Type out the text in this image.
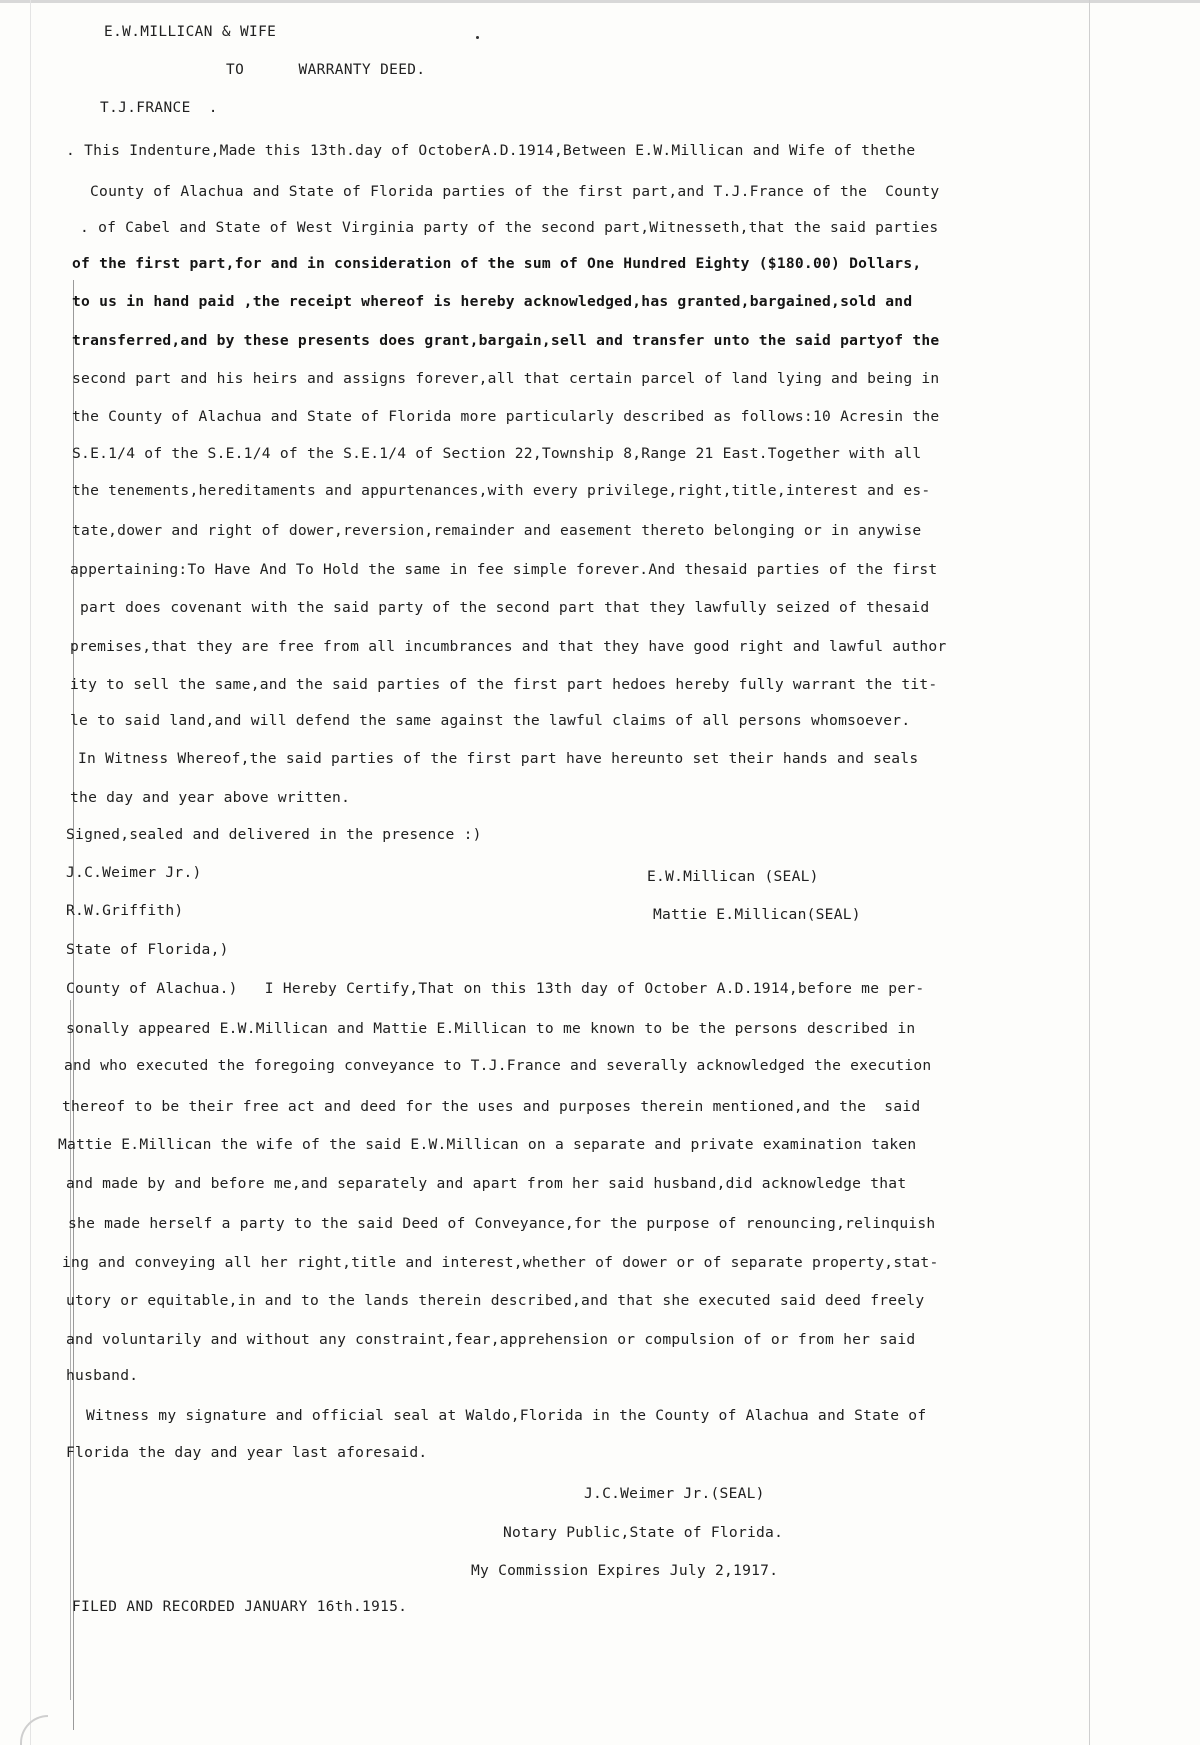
E.W.MILLICAN & WIFE
TO      WARRANTY DEED.
T.J.FRANCE  .
. This Indenture,Made this 13th.day of OctoberA.D.1914,Between E.W.Millican and Wife of thethe
County of Alachua and State of Florida parties of the first part,and T.J.France of the  County
. of Cabel and State of West Virginia party of the second part,Witnesseth,that the said parties
of the first part,for and in consideration of the sum of One Hundred Eighty ($180.00) Dollars,
to us in hand paid ,the receipt whereof is hereby acknowledged,has granted,bargained,sold and
transferred,and by these presents does grant,bargain,sell and transfer unto the said partyof the
second part and his heirs and assigns forever,all that certain parcel of land lying and being in
the County of Alachua and State of Florida more particularly described as follows:10 Acresin the
S.E.1/4 of the S.E.1/4 of the S.E.1/4 of Section 22,Township 8,Range 21 East.Together with all
the tenements,hereditaments and appurtenances,with every privilege,right,title,interest and es-
tate,dower and right of dower,reversion,remainder and easement thereto belonging or in anywise
appertaining:To Have And To Hold the same in fee simple forever.And thesaid parties of the first
part does covenant with the said party of the second part that they lawfully seized of thesaid
premises,that they are free from all incumbrances and that they have good right and lawful author
ity to sell the same,and the said parties of the first part hedoes hereby fully warrant the tit-
le to said land,and will defend the same against the lawful claims of all persons whomsoever.
In Witness Whereof,the said parties of the first part have hereunto set their hands and seals
the day and year above written.
Signed,sealed and delivered in the presence :)
J.C.Weimer Jr.)	E.W.Millican (SEAL)
R.W.Griffith)	Mattie E.Millican(SEAL)
State of Florida,)
County of Alachua.)   I Hereby Certify,That on this 13th day of October A.D.1914,before me per-
sonally appeared E.W.Millican and Mattie E.Millican to me known to be the persons described in
and who executed the foregoing conveyance to T.J.France and severally acknowledged the execution
thereof to be their free act and deed for the uses and purposes therein mentioned,and the  said
Mattie E.Millican the wife of the said E.W.Millican on a separate and private examination taken
and made by and before me,and separately and apart from her said husband,did acknowledge that
she made herself a party to the said Deed of Conveyance,for the purpose of renouncing,relinquish
ing and conveying all her right,title and interest,whether of dower or of separate property,stat-
utory or equitable,in and to the lands therein described,and that she executed said deed freely
and voluntarily and without any constraint,fear,apprehension or compulsion of or from her said
husband.
Witness my signature and official seal at Waldo,Florida in the County of Alachua and State of
Florida the day and year last aforesaid.
J.C.Weimer Jr.(SEAL)
Notary Public,State of Florida.
My Commission Expires July 2,1917.
FILED AND RECORDED JANUARY 16th.1915.
